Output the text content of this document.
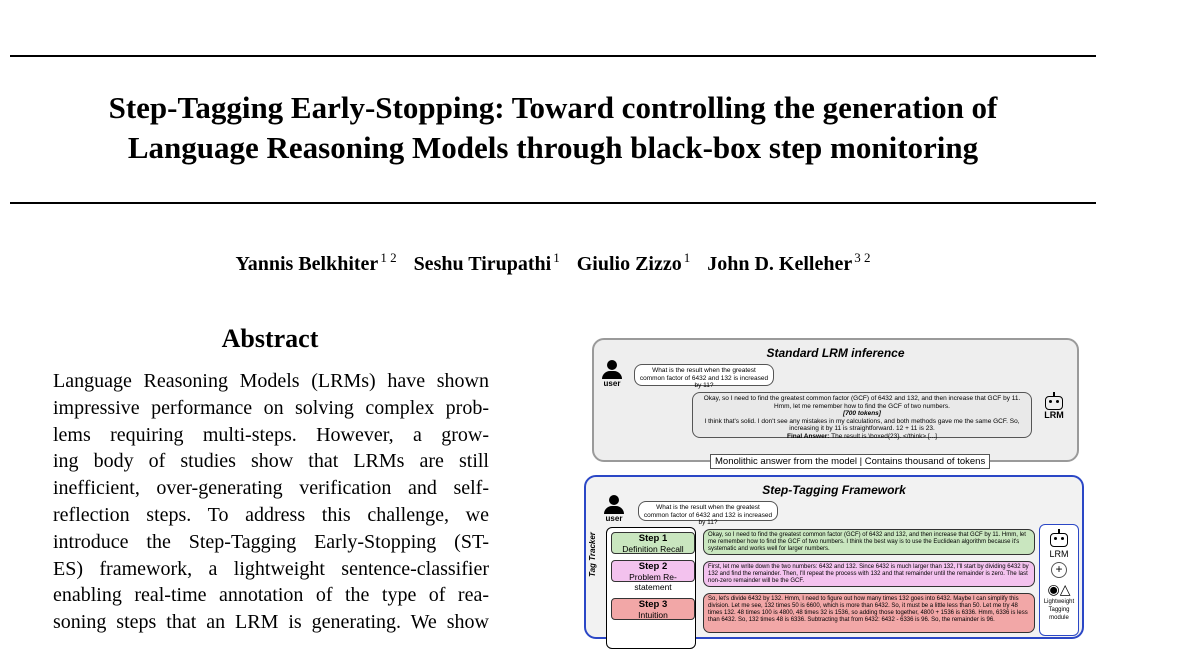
Step-Tagging Early-Stopping: Toward controlling the generation of
Language Reasoning Models through black-box step monitoring
Yannis Belkhiter $^{1 2}$ Seshu Tirupathi $^1$ Giulio Zizzo $^1$ John D. Kelleher $^{3 2}$
Abstract
Language Reasoning Models (LRMs) have shown
impressive performance on solving complex prob-
lems requiring multi-steps. However, a grow-
ing body of studies show that LRMs are still
inefficient, over-generating verification and self-
reflection steps. To address this challenge, we
introduce the Step-Tagging Early-Stopping (ST-
ES) framework, a lightweight sentence-classifier
enabling real-time annotation of the type of rea-
soning steps that an LRM is generating. We show
Standard LRM inference
user
What is the result when the greatest common factor of 6432 and 132 is increased by 11?
Okay, so I need to find the greatest common factor (GCF) of 6432 and 132, and then increase that GCF by 11. Hmm, let me remember how to find the GCF of two numbers.
[700 tokens]
I think that's solid. I don't see any mistakes in my calculations, and both methods gave me the same GCF. So, increasing it by 11 is straightforward. 12 + 11 is 23.
Final Answer: The result is \boxed{23}. </think> [...]
LRM
Monolithic answer from the model | Contains thousand of tokens
Step-Tagging Framework
user
What is the result when the greatest common factor of 6432 and 132 is increased by 11?
Tag Tracker	Step 1
Definition Recall
Step 2
Problem Re-statement
Step 3
Intuition
Okay, so I need to find the greatest common factor (GCF) of 6432 and 132, and then increase that GCF by 11. Hmm, let me remember how to find the GCF of two numbers. I think the best way is to use the Euclidean algorithm because it's systematic and works well for larger numbers.
First, let me write down the two numbers: 6432 and 132. Since 6432 is much larger than 132, I'll start by dividing 6432 by 132 and find the remainder. Then, I'll repeat the process with 132 and that remainder until the remainder is zero. The last non-zero remainder will be the GCF.
So, let's divide 6432 by 132. Hmm, I need to figure out how many times 132 goes into 6432. Maybe I can simplify this division. Let me see, 132 times 50 is 6600, which is more than 6432. So, it must be a little less than 50. Let me try 48 times 132. 48 times 100 is 4800, 48 times 32 is 1536, so adding those together, 4800 + 1536 is 6336. Hmm, 6336 is less than 6432. So, 132 times 48 is 6336. Subtracting that from 6432: 6432 - 6336 is 96. So, the remainder is 96.
LRM
+
◉△
Lightweight Tagging module
